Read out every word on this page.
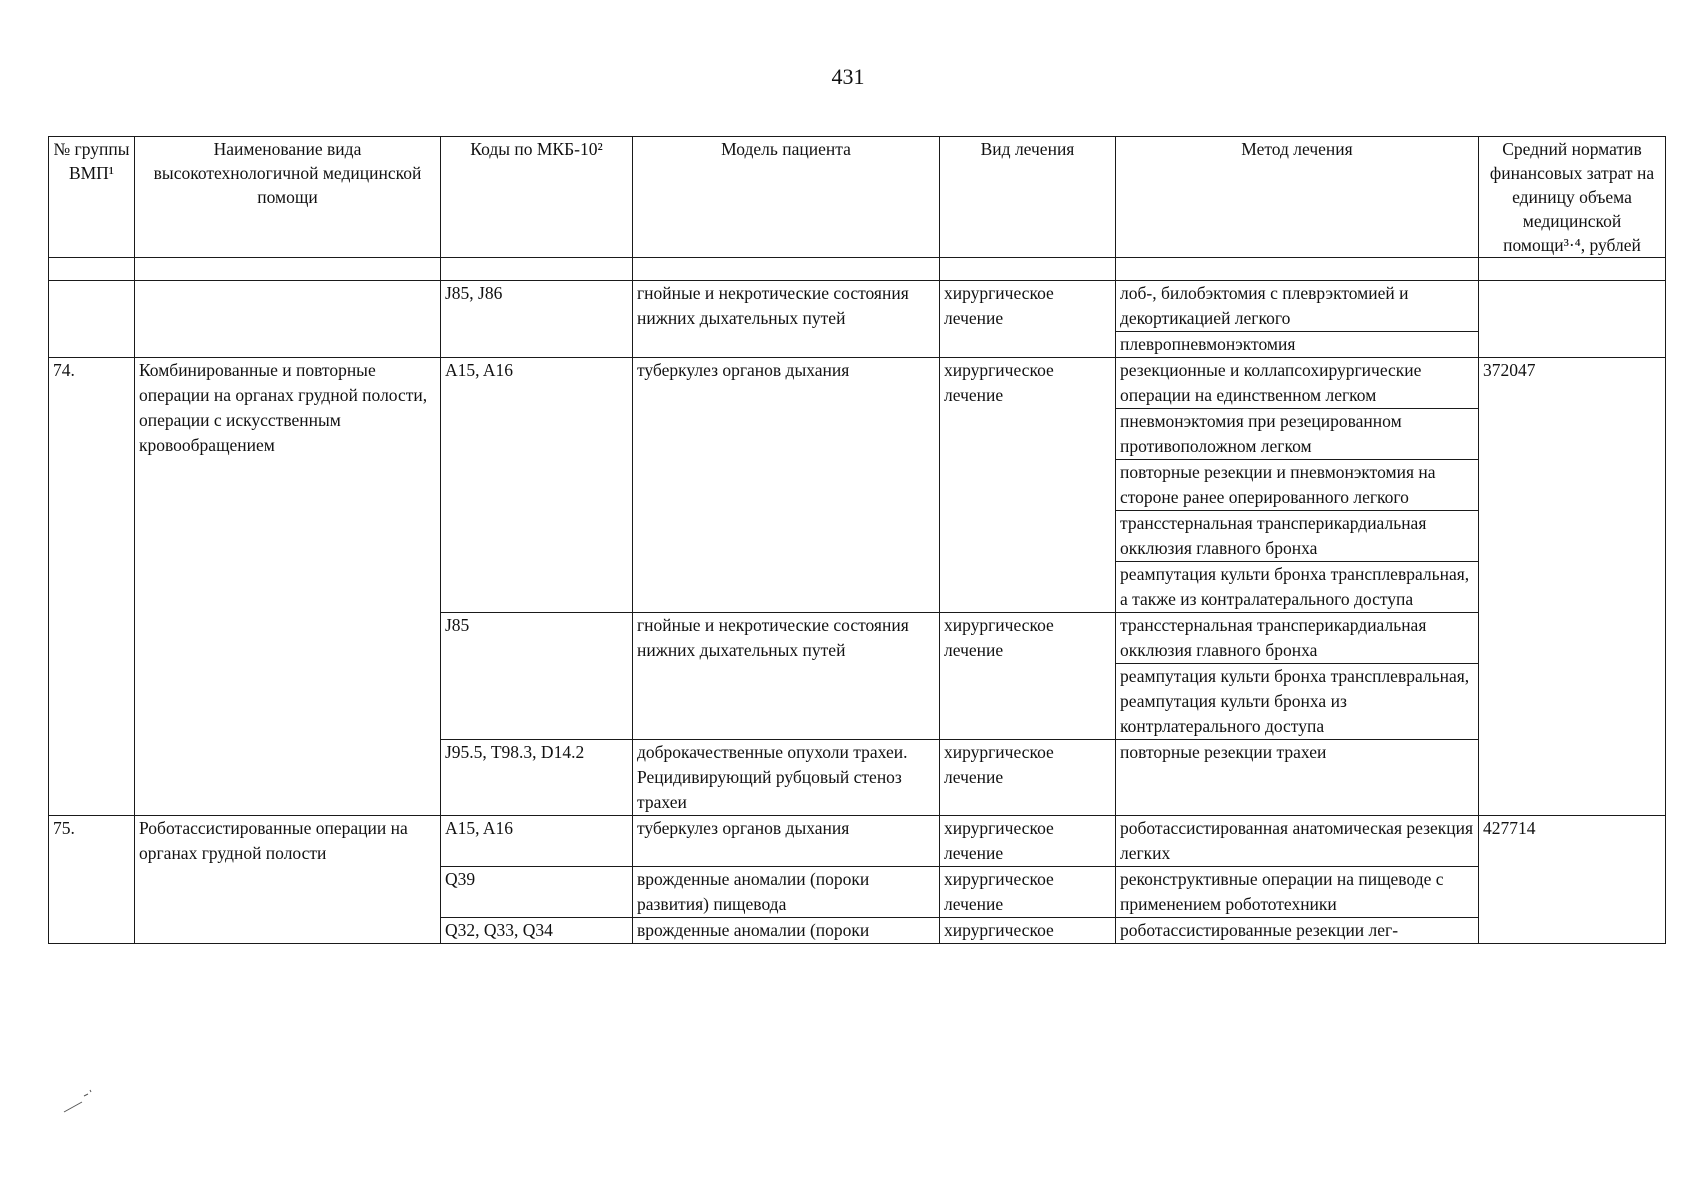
431
№ группы ВМП¹	Наименование вида высокотехнологичной медицинской помощи	Коды по МКБ-10²	Модель пациента	Вид лечения	Метод лечения	Средний норматив финансовых затрат на единицу объема медицинской помощи³·⁴, рублей

		J85, J86	гнойные и некротические состояния нижних дыхательных путей	хирургическое лечение	лоб-, билобэктомия с плеврэктомией и декортикацией легкого	
					плевропневмонэктомия	
74.	Комбинированные и повторные операции на органах грудной полости, операции с искусственным кровообращением	A15, A16	туберкулез органов дыхания	хирургическое лечение	резекционные и коллапсохирургические операции на единственном легком	372047
					пневмонэктомия при резецированном противоположном легком	
					повторные резекции и пневмонэктомия на стороне ранее оперированного легкого	
					трансстернальная трансперикардиальная окклюзия главного бронха	
					реампутация культи бронха трансплевральная, а также из контралатерального доступа	
		J85	гнойные и некротические состояния нижних дыхательных путей	хирургическое лечение	трансстернальная трансперикардиальная окклюзия главного бронха	
					реампутация культи бронха трансплевральная, реампутация культи бронха из контрлатерального доступа	
		J95.5, T98.3, D14.2	доброкачественные опухоли трахеи. Рецидивирующий рубцовый стеноз трахеи	хирургическое лечение	повторные резекции трахеи	
75.	Роботассистированные операции на органах грудной полости	A15, A16	туберкулез органов дыхания	хирургическое лечение	роботассистированная анатомическая резекция легких	427714
		Q39	врожденные аномалии (пороки развития) пищевода	хирургическое лечение	реконструктивные операции на пищеводе с применением робототехники	
		Q32, Q33, Q34	врожденные аномалии (пороки	хирургическое	роботассистированные резекции лег-	
